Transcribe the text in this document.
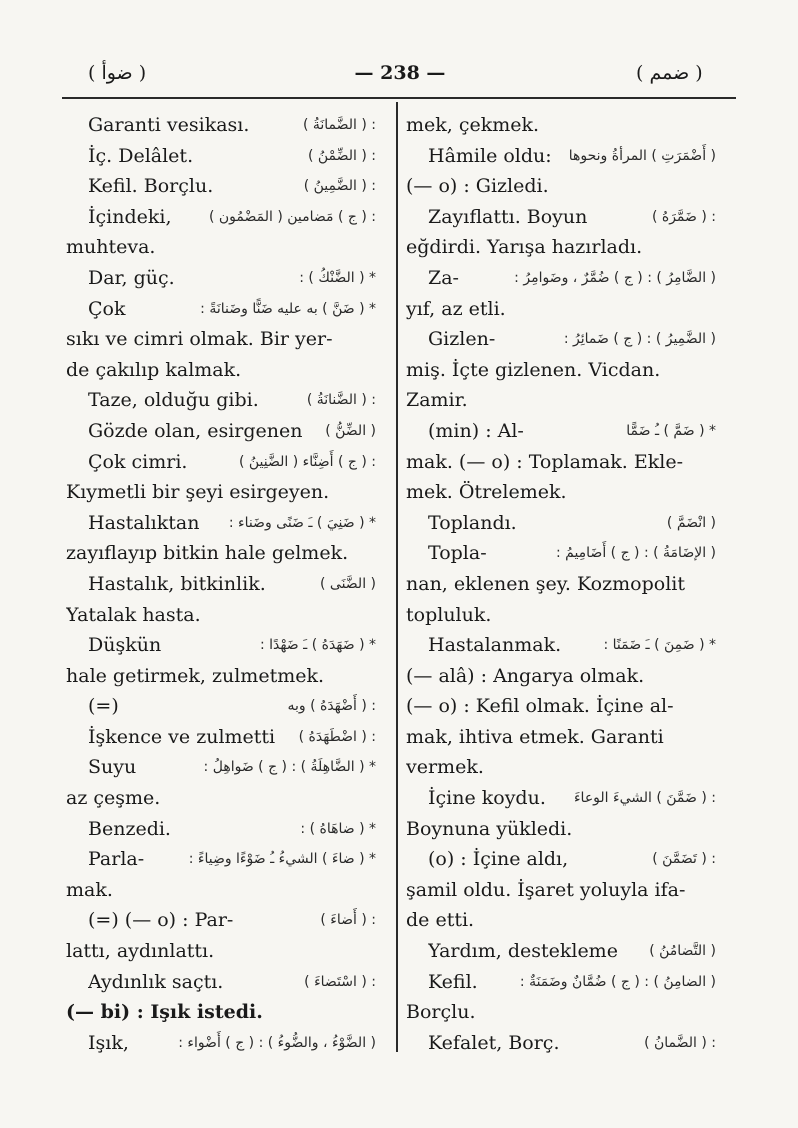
( ضوأ )	— 238 —	( ضمم )
Garanti vesikası.	: ( الضَّمانَةُ )
İç. Delâlet.	: ( الضِّمْنُ )
Kefil. Borçlu.	: ( الضَّمِينُ )
İçindeki,	: ( ج ) مَضامين ( المَضْمُون )
muhteva.
Dar, güç.	* ( الضَّنْكُ ) :
Çok	* ( ضَنَّ ) به عليه ضَنًّا وضَنانَةً :
sıkı ve cimri olmak. Bir yer-
de çakılıp kalmak.
Taze, olduğu gibi.	: ( الضَّنانَةُ )
Gözde olan, esirgenen ( الضِّنُّ )
Çok cimri.	: ( ج ) أَضِنَّاء ( الضَّنِينُ )
Kıymetli bir şeyi esirgeyen.
Hastalıktan * ( ضَنِيَ ) ـَ ضَنًى وضَناء :
zayıflayıp bitkin hale gelmek.
Hastalık, bitkinlik.	( الضَّنَى )
Yatalak hasta.
Düşkün	* ( ضَهَدَهُ ) ـَ ضَهْدًا :
hale getirmek, zulmetmek.
(=)	: ( أَضْهَدَهُ ) وبه
İşkence ve zulmetti : ( اضْطَهَدَهُ )
Suyu	* ( الضَّاهِلَةُ ) : ( ج ) ضَواهِلُ :
az çeşme.
Benzedi.	* ( ضاهَاهُ ) :
Parla-	* ( ضاءَ ) الشيءُ ـُ ضَوْءًا وضِياءً :
mak.
(=) (— o) : Par-	: ( أَضاءَ )
lattı, aydınlattı.
Aydınlık saçtı.	: ( اسْتَضاءَ )
(— bi) : Işık istedi.
Işık,	( الضَّوْءُ ، والضُّوءُ ) : ( ج ) أَضْواء :
mek, çekmek.
Hâmile oldu: ( أَضْمَرَتِ ) المرأةُ ونحوها
(— o) : Gizledi.
Zayıflattı. Boyun	: ( ضَمَّرَهُ )
eğdirdi. Yarışa hazırladı.
Za-	( الضَّامِرُ ) : ( ج ) ضُمَّرٌ ، وضَوامِرُ :
yıf, az etli.
Gizlen-	( الضَّمِيرُ ) : ( ج ) ضَمائِرُ :
miş. İçte gizlenen. Vicdan.
Zamir.
(min) : Al-	* ( ضَمَّ ) ـُ ضَمًّا
mak. (— o) : Toplamak. Ekle-
mek. Ötrelemek.
Toplandı.	( انْضَمَّ )
Topla-	( الإضَامَةُ ) : ( ج ) أَضَامِيمُ :
nan, eklenen şey. Kozmopolit
topluluk.
Hastalanmak.	* ( ضَمِنَ ) ـَ ضَمَنًا :
(— alâ) : Angarya olmak.
(— o) : Kefil olmak. İçine al-
mak, ihtiva etmek. Garanti
vermek.
İçine koydu. : ( ضَمَّنَ ) الشيءَ الوعاءَ
Boynuna yükledi.
(o) : İçine aldı,	: ( تَضَمَّنَ )
şamil oldu. İşaret yoluyla ifa-
de etti.
Yardım, destekleme ( التَّضامُنُ )
Kefil.	( الضامِنُ ) : ( ج ) ضُمَّانٌ وضَمَنَةٌ :
Borçlu.
Kefalet, Borç.	: ( الضَّمانُ )
